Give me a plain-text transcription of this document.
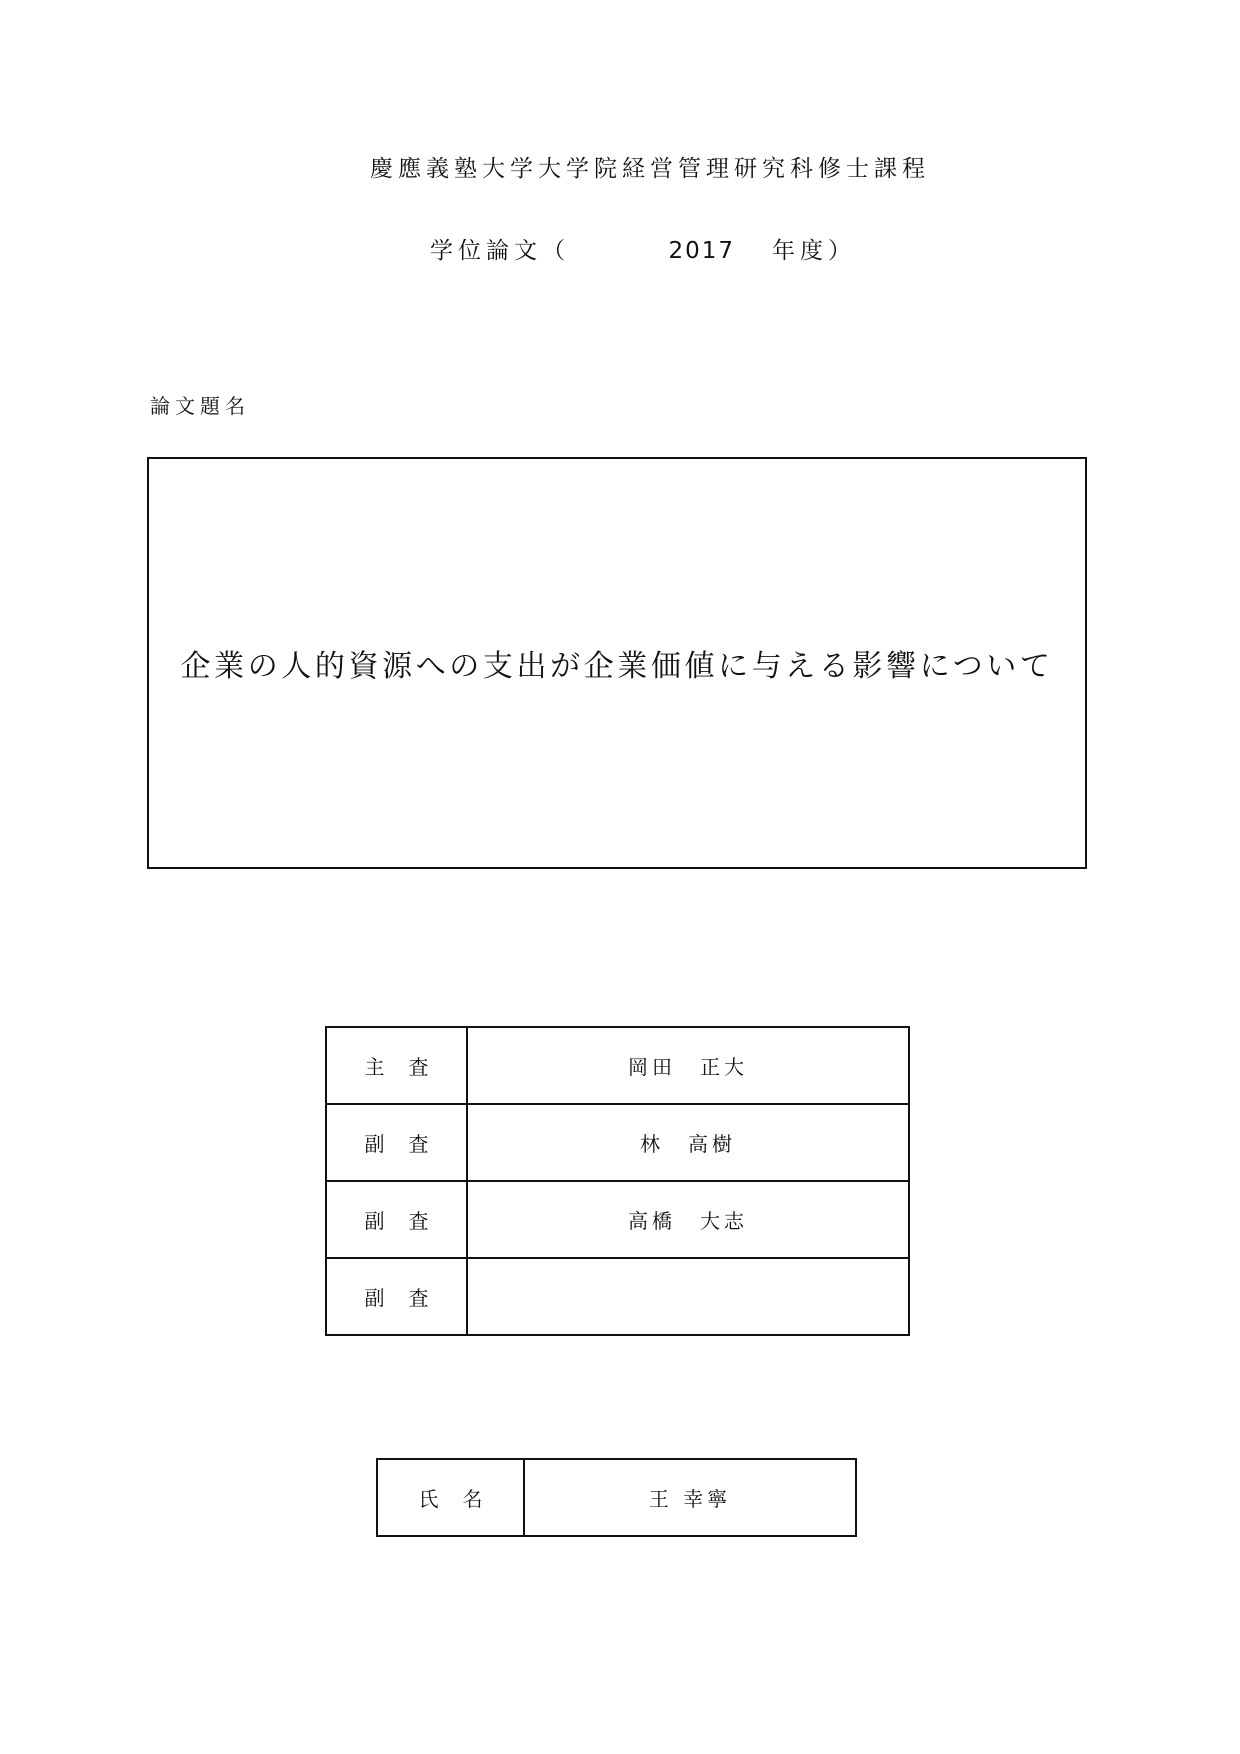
慶應義塾大学大学院経営管理研究科修士課程
学位論文（	2017 年度）
論文題名
企業の人的資源への支出が企業価値に与える影響について
主査	岡田　正大
副査	林　高樹
副査	高橋　大志
副査	
氏名	王 幸寧
